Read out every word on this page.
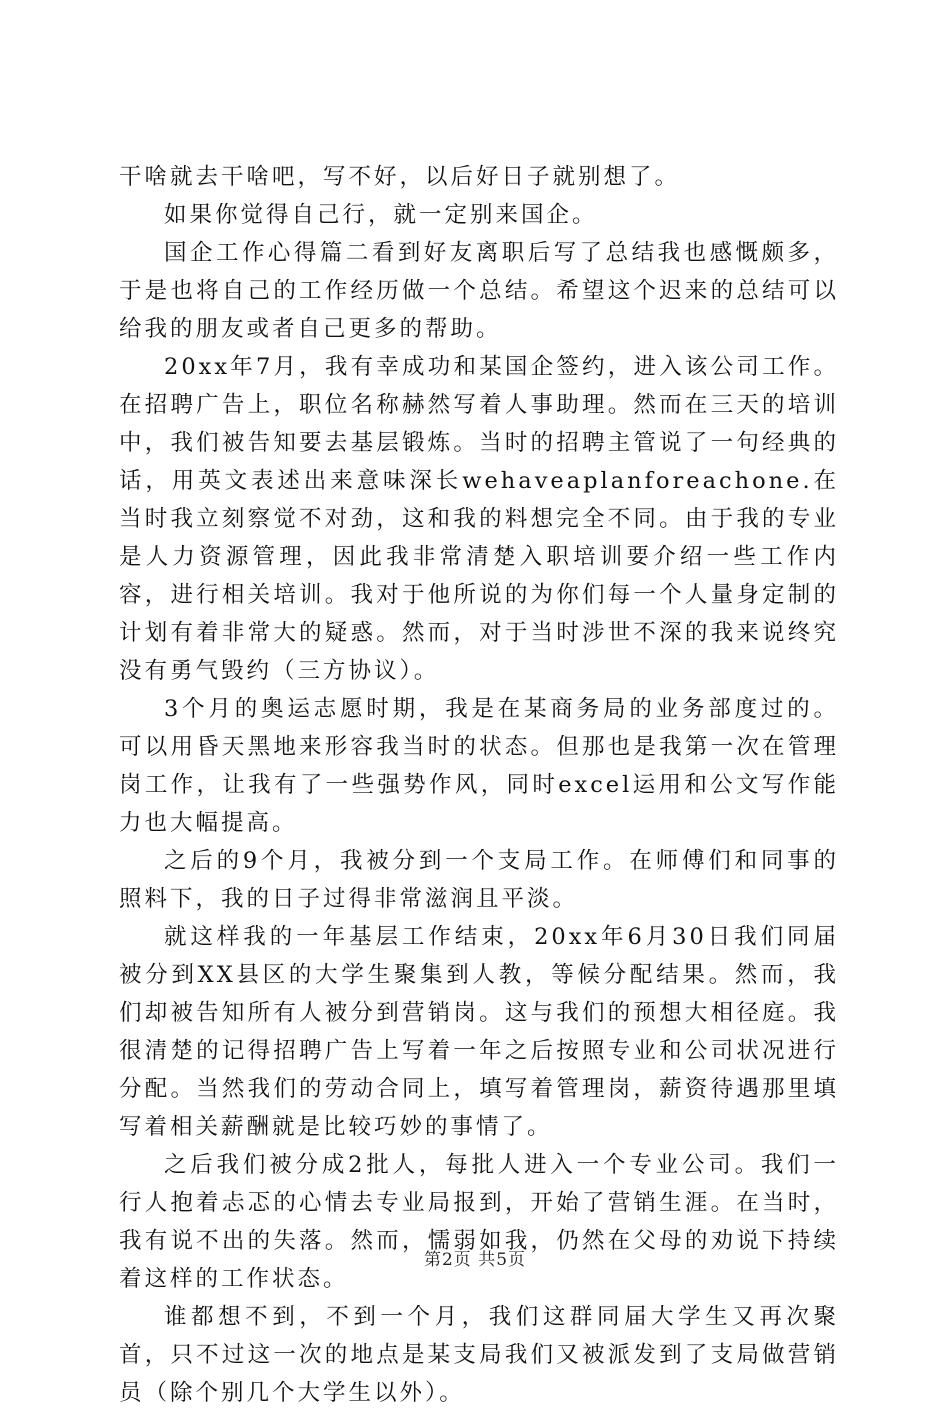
干啥就去干啥吧，写不好，以后好日子就别想了。

如果你觉得自己行，就一定别来国企。

国企工作心得篇二看到好友离职后写了总结我也感慨颇多，于是也将自己的工作经历做一个总结。希望这个迟来的总结可以给我的朋友或者自己更多的帮助。

20xx年7月，我有幸成功和某国企签约，进入该公司工作。在招聘广告上，职位名称赫然写着人事助理。然而在三天的培训中，我们被告知要去基层锻炼。当时的招聘主管说了一句经典的话，用英文表述出来意味深长wehaveaplanforeachone.在当时我立刻察觉不对劲，这和我的料想完全不同。由于我的专业是人力资源管理，因此我非常清楚入职培训要介绍一些工作内容，进行相关培训。我对于他所说的为你们每一个人量身定制的计划有着非常大的疑惑。然而，对于当时涉世不深的我来说终究没有勇气毁约（三方协议）。

3个月的奥运志愿时期，我是在某商务局的业务部度过的。可以用昏天黑地来形容我当时的状态。但那也是我第一次在管理岗工作，让我有了一些强势作风，同时excel运用和公文写作能力也大幅提高。

之后的9个月，我被分到一个支局工作。在师傅们和同事的照料下，我的日子过得非常滋润且平淡。

就这样我的一年基层工作结束，20xx年6月30日我们同届被分到XX县区的大学生聚集到人教，等候分配结果。然而，我们却被告知所有人被分到营销岗。这与我们的预想大相径庭。我很清楚的记得招聘广告上写着一年之后按照专业和公司状况进行分配。当然我们的劳动合同上，填写着管理岗，薪资待遇那里填写着相关薪酬就是比较巧妙的事情了。

之后我们被分成2批人，每批人进入一个专业公司。我们一行人抱着忐忑的心情去专业局报到，开始了营销生涯。在当时，我有说不出的失落。然而，懦弱如我，仍然在父母的劝说下持续着这样的工作状态。

谁都想不到，不到一个月，我们这群同届大学生又再次聚首，只不过这一次的地点是某支局我们又被派发到了支局做营销员（除个别几个大学生以外）。

第2页 共5页
